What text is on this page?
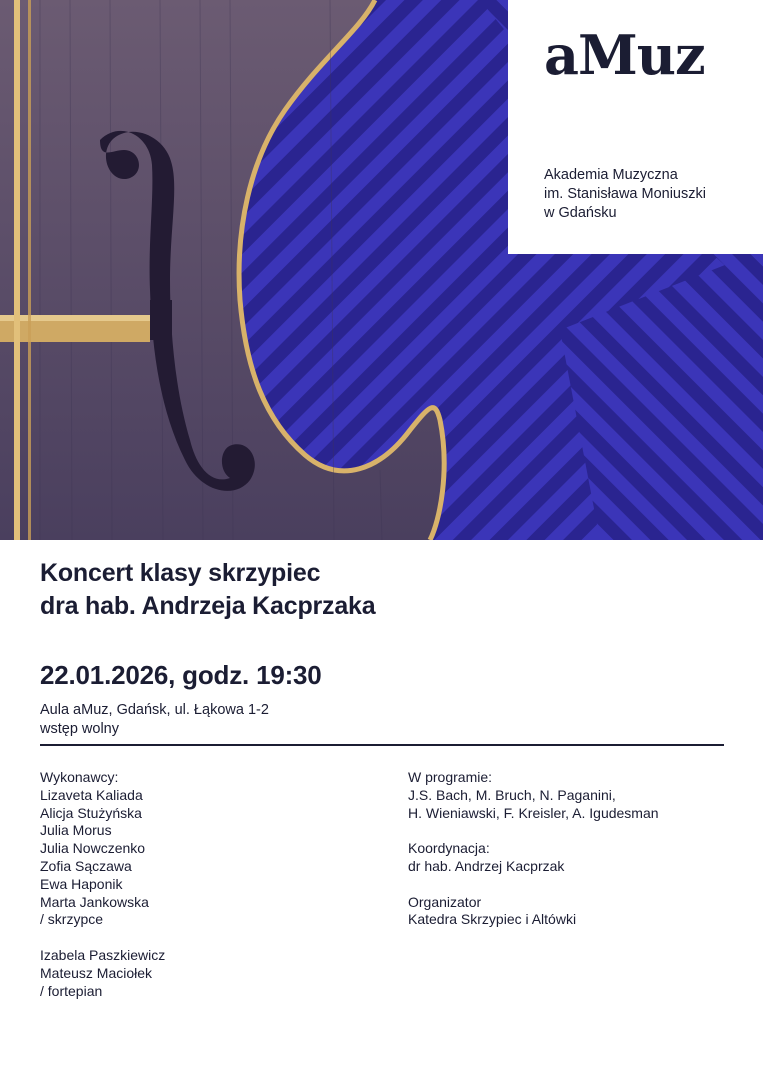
aMuz
Akademia Muzyczna
im. Stanisława Moniuszki
w Gdańsku
Koncert klasy skrzypiec
dra hab. Andrzeja Kacprzaka
22.01.2026, godz. 19:30
Aula aMuz, Gdańsk, ul. Łąkowa 1-2
wstęp wolny
Wykonawcy:
Lizaveta Kaliada
Alicja Stużyńska
Julia Morus
Julia Nowczenko
Zofia Sączawa
Ewa Haponik
Marta Jankowska
/ skrzypce
Izabela Paszkiewicz
Mateusz Maciołek
/ fortepian
W programie:
J.S. Bach, M. Bruch, N. Paganini,
H. Wieniawski, F. Kreisler, A. Igudesman
Koordynacja:
dr hab. Andrzej Kacprzak
Organizator
Katedra Skrzypiec i Altówki
